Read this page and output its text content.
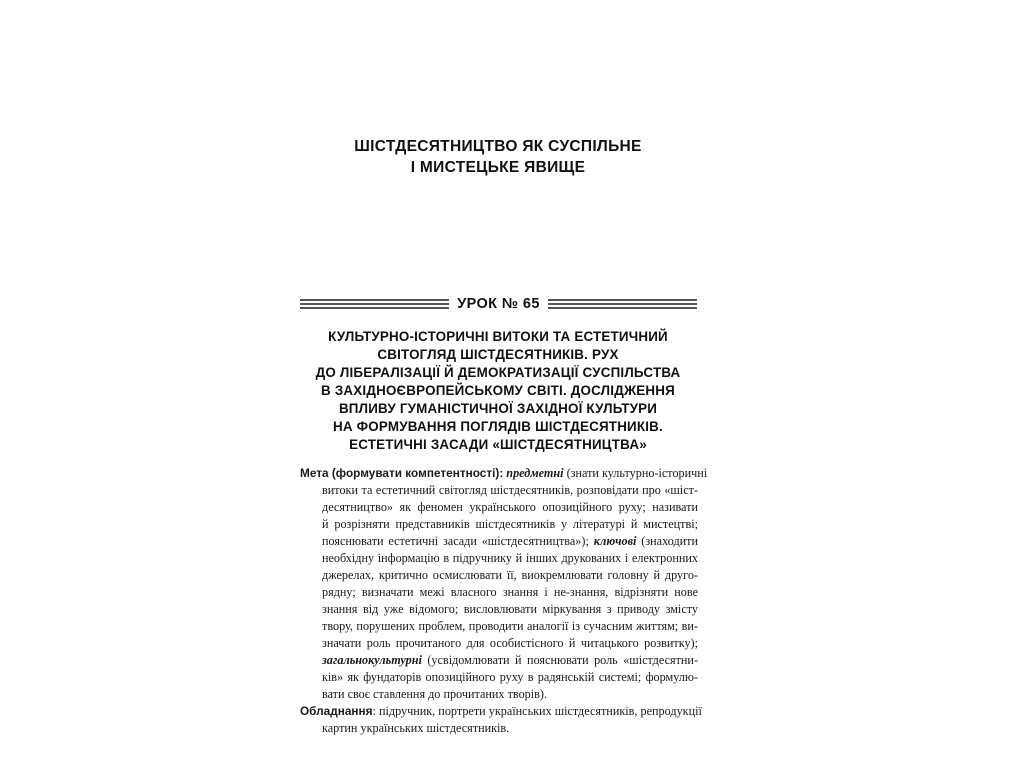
ШІСТДЕСЯТНИЦТВО ЯК СУСПІЛЬНЕ
І МИСТЕЦЬКЕ ЯВИЩЕ
УРОК № 65
КУЛЬТУРНО-ІСТОРИЧНІ ВИТОКИ ТА ЕСТЕТИЧНИЙ
СВІТОГЛЯД ШІСТДЕСЯТНИКІВ. РУХ
ДО ЛІБЕРАЛІЗАЦІЇ Й ДЕМОКРАТИЗАЦІЇ СУСПІЛЬСТВА
В ЗАХІДНОЄВРОПЕЙСЬКОМУ СВІТІ. ДОСЛІДЖЕННЯ
ВПЛИВУ ГУМАНІСТИЧНОЇ ЗАХІДНОЇ КУЛЬТУРИ
НА ФОРМУВАННЯ ПОГЛЯДІВ ШІСТДЕСЯТНИКІВ.
ЕСТЕТИЧНІ ЗАСАДИ «ШІСТДЕСЯТНИЦТВА»
Мета (формувати компетентності): предметні (знати культурно-історичні
витоки та естетичний світогляд шістдесятників, розповідати про «шіст-
десятництво» як феномен українського опозиційного руху; називати
й розрізняти представників шістдесятників у літературі й мистецтві;
пояснювати естетичні засади «шістдесятництва»); ключові (знаходити
необхідну інформацію в підручнику й інших друкованих і електронних
джерелах, критично осмислювати її, виокремлювати головну й друго-
рядну; визначати межі власного знання і не-знання, відрізняти нове
знання від уже відомого; висловлювати міркування з приводу змісту
твору, порушених проблем, проводити аналогії із сучасним життям; ви-
значати роль прочитаного для особистісного й читацького розвитку);
загальнокультурні (усвідомлювати й пояснювати роль «шістдесятни-
ків» як фундаторів опозиційного руху в радянській системі; формулю-
вати своє ставлення до прочитаних творів).
Обладнання: підручник, портрети українських шістдесятників, репродукції
картин українських шістдесятників.
